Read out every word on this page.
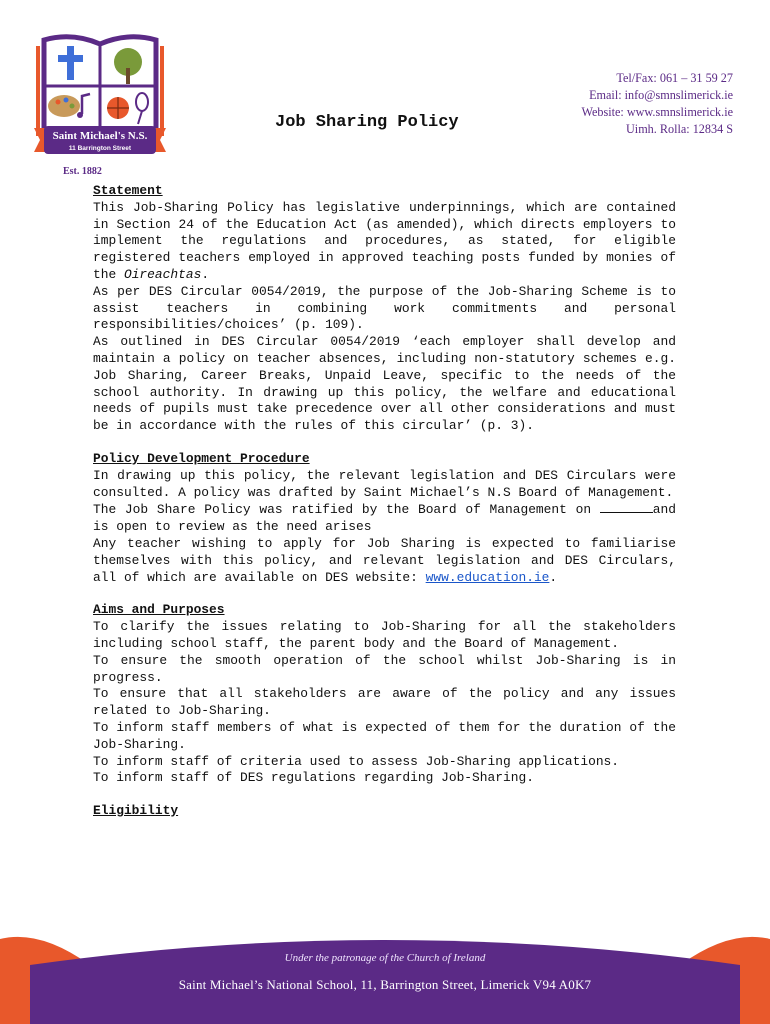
Saint Michael's N.S.
11 Barrington Street
Est. 1882
Job Sharing Policy
Tel/Fax: 061 – 31 59 27
Email: info@smnslimerick.ie
Website: www.smnslimerick.ie
Uimh. Rolla: 12834 S
Statement

This Job-Sharing Policy has legislative underpinnings, which are contained in Section 24 of the Education Act (as amended), which directs employers to implement the regulations and procedures, as stated, for eligible registered teachers employed in approved teaching posts funded by monies of the Oireachtas.

As per DES Circular 0054/2019, the purpose of the Job-Sharing Scheme is to assist teachers in combining work commitments and personal responsibilities/choices’ (p. 109).

As outlined in DES Circular 0054/2019 ‘each employer shall develop and maintain a policy on teacher absences, including non-statutory schemes e.g. Job Sharing, Career Breaks, Unpaid Leave, specific to the needs of the school authority. In drawing up this policy, the welfare and educational needs of pupils must take precedence over all other considerations and must be in accordance with the rules of this circular’ (p. 3).

Policy Development Procedure

In drawing up this policy, the relevant legislation and DES Circulars were consulted. A policy was drafted by Saint Michael’s N.S Board of Management.

The Job Share Policy was ratified by the Board of Management on	and is open to review as the need arises

Any teacher wishing to apply for Job Sharing is expected to familiarise themselves with this policy, and relevant legislation and DES Circulars, all of which are available on DES website: www.education.ie.

Aims and Purposes

To clarify the issues relating to Job-Sharing for all the stakeholders including school staff, the parent body and the Board of Management.

To ensure the smooth operation of the school whilst Job-Sharing is in progress.

To ensure that all stakeholders are aware of the policy and any issues related to Job-Sharing.

To inform staff members of what is expected of them for the duration of the Job-Sharing.

To inform staff of criteria used to assess Job-Sharing applications.

To inform staff of DES regulations regarding Job-Sharing.

Eligibility
Under the patronage of the Church of Ireland
Saint Michael’s National School, 11, Barrington Street, Limerick V94 A0K7
